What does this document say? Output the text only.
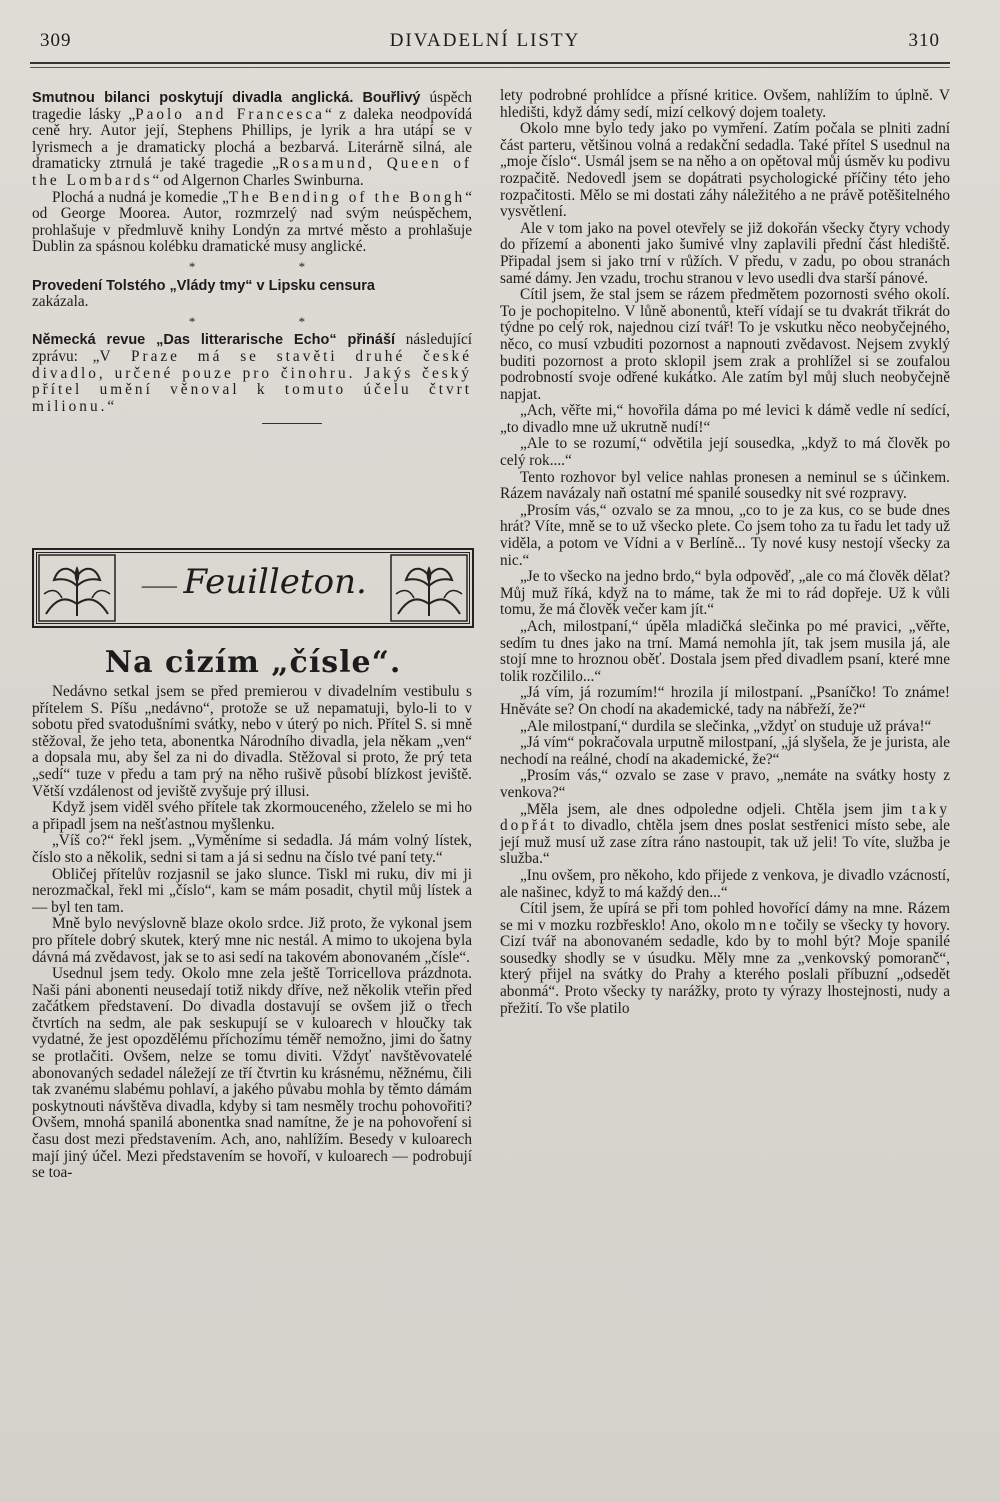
309	DIVADELNÍ LISTY	310

Smutnou bilanci poskytují divadla anglická. Bouřlivý úspěch tragedie lásky „Paolo and Francesca“ z daleka neodpovídá ceně hry. Autor její, Stephens Phillips, je lyrik a hra utápí se v lyrismech a je dramaticky plochá a bezbarvá. Literárně silná, ale dramaticky ztrnulá je také tragedie „Rosamund, Queen of the Lombards“ od Algernon Charles Swinburna.

Plochá a nudná je komedie „The Bending of the Bongh“ od George Moorea. Autor, rozmrzelý nad svým neúspěchem, prohlašuje v předmluvě knihy Londýn za mrtvé město a prohlašuje Dublin za spásnou kolébku dramatické musy anglické.

* *

Provedení Tolstého „Vlády tmy“ v Lipsku censura
zakázala.

* *

Německá revue „Das litterarische Echo“ přináší následující zprávu: „V Praze má se stavěti druhé české divadlo, určené pouze pro činohru. Jakýs český přítel umění věnoval k tomuto účelu čtvrt milionu.“

⸺ Feuilleton. ⸺
Na cizím „čísle“.

Nedávno setkal jsem se před premierou v divadelním vestibulu s přítelem S. Píšu „nedávno“, protože se už nepamatuji, bylo-li to v sobotu před svatodušními svátky, nebo v úterý po nich. Přítel S. si mně stěžoval, že jeho teta, abonentka Národního divadla, jela někam „ven“ a dopsala mu, aby šel za ni do divadla. Stěžoval si proto, že prý teta „sedí“ tuze v předu a tam prý na něho rušivě působí blízkost jeviště. Větší vzdálenost od jeviště zvyšuje prý illusi.

Když jsem viděl svého přítele tak zkormouceného, zželelo se mi ho a připadl jsem na nešťastnou myšlenku.

„Víš co?“ řekl jsem. „Vyměníme si sedadla. Já mám volný lístek, číslo sto a několik, sedni si tam a já si sednu na číslo tvé paní tety.“

Obličej přítelův rozjasnil se jako slunce. Tiskl mi ruku, div mi ji nerozmačkal, řekl mi „číslo“, kam se mám posadit, chytil můj lístek a — byl ten tam.

Mně bylo nevýslovně blaze okolo srdce. Již proto, že vykonal jsem pro přítele dobrý skutek, který mne nic nestál. A mimo to ukojena byla dávná má zvědavost, jak se to asi sedí na takovém abonovaném „čísle“.

Usednul jsem tedy. Okolo mne zela ještě Torricellova prázdnota. Naši páni abonenti neusedají totiž nikdy dříve, než několik vteřin před začátkem představení. Do divadla dostavují se ovšem již o třech čtvrtích na sedm, ale pak seskupují se v kuloarech v hloučky tak vydatné, že jest opozdělému příchozímu téměř nemožno, jimi do šatny se protlačiti. Ovšem, nelze se tomu diviti. Vždyť navštěvovatelé abonovaných sedadel náležejí ze tří čtvrtin ku krásnému, něžnému, čili tak zvanému slabému pohlaví, a jakého půvabu mohla by těmto dámám poskytnouti návštěva divadla, kdyby si tam nesměly trochu pohovořiti? Ovšem, mnohá spanilá abonentka snad namítne, že je na pohovoření si času dost mezi představením. Ach, ano, nahlížím. Besedy v kuloarech mají jiný účel. Mezi představením se hovoří, v kuloarech — podrobují se toa-

lety podrobné prohlídce a přísné kritice. Ovšem, nahlížím to úplně. V hledišti, když dámy sedí, mizí celkový dojem toalety.

Okolo mne bylo tedy jako po vymření. Zatím počala se plniti zadní část parteru, většinou volná a redakční sedadla. Také přítel S usednul na „moje číslo“. Usmál jsem se na něho a on opětoval můj úsměv ku podivu rozpačitě. Nedovedl jsem se dopátrati psychologické příčiny této jeho rozpačitosti. Mělo se mi dostati záhy náležitého a ne právě potěšitelného vysvětlení.

Ale v tom jako na povel otevřely se již dokořán všecky čtyry vchody do přízemí a abonenti jako šumivé vlny zaplavili přední část hlediště. Připadal jsem si jako trní v růžích. V předu, v zadu, po obou stranách samé dámy. Jen vzadu, trochu stranou v levo usedli dva starší pánové.

Cítil jsem, že stal jsem se rázem předmětem pozornosti svého okolí. To je pochopitelno. V lůně abonentů, kteří vídají se tu dvakrát třikrát do týdne po celý rok, najednou cizí tvář! To je vskutku něco neobyčejného, něco, co musí vzbuditi pozornost a napnouti zvědavost. Nejsem zvyklý buditi pozornost a proto sklopil jsem zrak a prohlížel si se zoufalou podrobností svoje odřené kukátko. Ale zatím byl můj sluch neobyčejně napjat.

„Ach, věřte mi,“ hovořila dáma po mé levici k dámě vedle ní sedící, „to divadlo mne už ukrutně nudí!“

„Ale to se rozumí,“ odvětila její sousedka, „když to má člověk po celý rok....“

Tento rozhovor byl velice nahlas pronesen a neminul se s účinkem. Rázem navázaly naň ostatní mé spanilé sousedky nit své rozpravy.

„Prosím vás,“ ozvalo se za mnou, „co to je za kus, co se bude dnes hrát? Víte, mně se to už všecko plete. Co jsem toho za tu řadu let tady už viděla, a potom ve Vídni a v Berlíně... Ty nové kusy nestojí všecky za nic.“

„Je to všecko na jedno brdo,“ byla odpověď, „ale co má člověk dělat? Můj muž říká, když na to máme, tak že mi to rád dopřeje. Už k vůli tomu, že má člověk večer kam jít.“

„Ach, milostpaní,“ úpěla mladičká slečinka po mé pravici, „věřte, sedím tu dnes jako na trní. Mamá nemohla jít, tak jsem musila já, ale stojí mne to hroznou oběť. Dostala jsem před divadlem psaní, které mne tolik rozčililo...“

„Já vím, já rozumím!“ hrozila jí milostpaní. „Psaníčko! To známe! Hněváte se? On chodí na akademické, tady na nábřeží, že?“

„Ale milostpaní,“ durdila se slečinka, „vždyť on studuje už práva!“

„Já vím“ pokračovala urputně milostpaní, „já slyšela, že je jurista, ale nechodí na reálné, chodí na akademické, že?“

„Prosím vás,“ ozvalo se zase v pravo, „nemáte na svátky hosty z venkova?“

„Měla jsem, ale dnes odpoledne odjeli. Chtěla jsem jim taky dopřát to divadlo, chtěla jsem dnes poslat sestřenici místo sebe, ale její muž musí už zase zítra ráno nastoupit, tak už jeli! To víte, služba je služba.“

„Inu ovšem, pro někoho, kdo přijede z venkova, je divadlo vzácností, ale našinec, když to má každý den...“

Cítil jsem, že upírá se při tom pohled hovořící dámy na mne. Rázem se mi v mozku rozbřesklo! Ano, okolo mne točily se všecky ty hovory. Cizí tvář na abonovaném sedadle, kdo by to mohl být? Moje spanilé sousedky shodly se v úsudku. Měly mne za „venkovský pomoranč“, který přijel na svátky do Prahy a kterého poslali příbuzní „odsedět abonmá“. Proto všecky ty narážky, proto ty výrazy lhostejnosti, nudy a přežití. To vše platilo
